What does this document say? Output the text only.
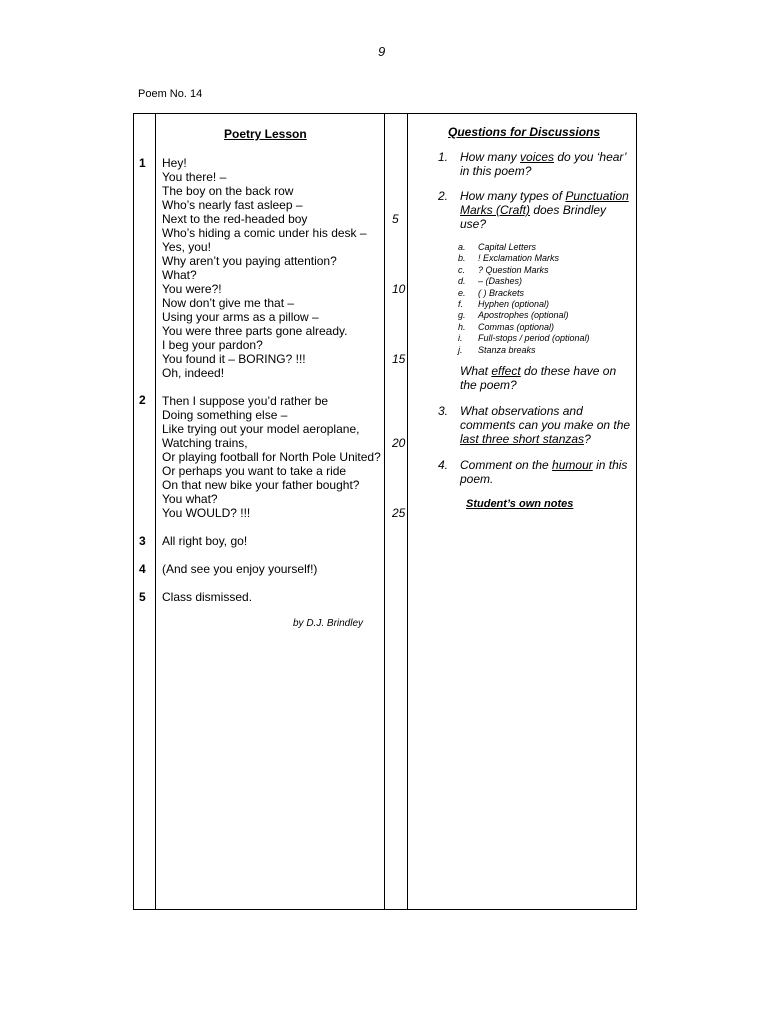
9
Poem No. 14
Poetry Lesson
1 Hey!
You there! –
The boy on the back row
Who’s nearly fast asleep –
Next to the red-headed boy
Who’s hiding a comic under his desk –
Yes, you!
Why aren’t you paying attention?
What?
You were?!
Now don’t give me that –
Using your arms as a pillow –
You were three parts gone already.
I beg your pardon?
You found it – BORING? !!!
Oh, indeed!
2 Then I suppose you’d rather be
Doing something else –
Like trying out your model aeroplane,
Watching trains,
Or playing football for North Pole United?
Or perhaps you want to take a ride
On that new bike your father bought?
You what?
You WOULD? !!!
3 All right boy, go!
4 (And see you enjoy yourself!)
5 Class dismissed.
by D.J. Brindley
5
10
15
20
25
Questions for Discussions
1. How many voices do you ‘hear’ in this poem?
2. How many types of Punctuation Marks (Craft) does Brindley use?
a. Capital Letters
b. ! Exclamation Marks
c. ? Question Marks
d. – (Dashes)
e. ( ) Brackets
f. Hyphen (optional)
g. Apostrophes (optional)
h. Commas (optional)
i. Full-stops / period (optional)
j. Stanza breaks
What effect do these have on the poem?
3. What observations and comments can you make on the last three short stanzas?
4. Comment on the humour in this poem.
Student’s own notes
